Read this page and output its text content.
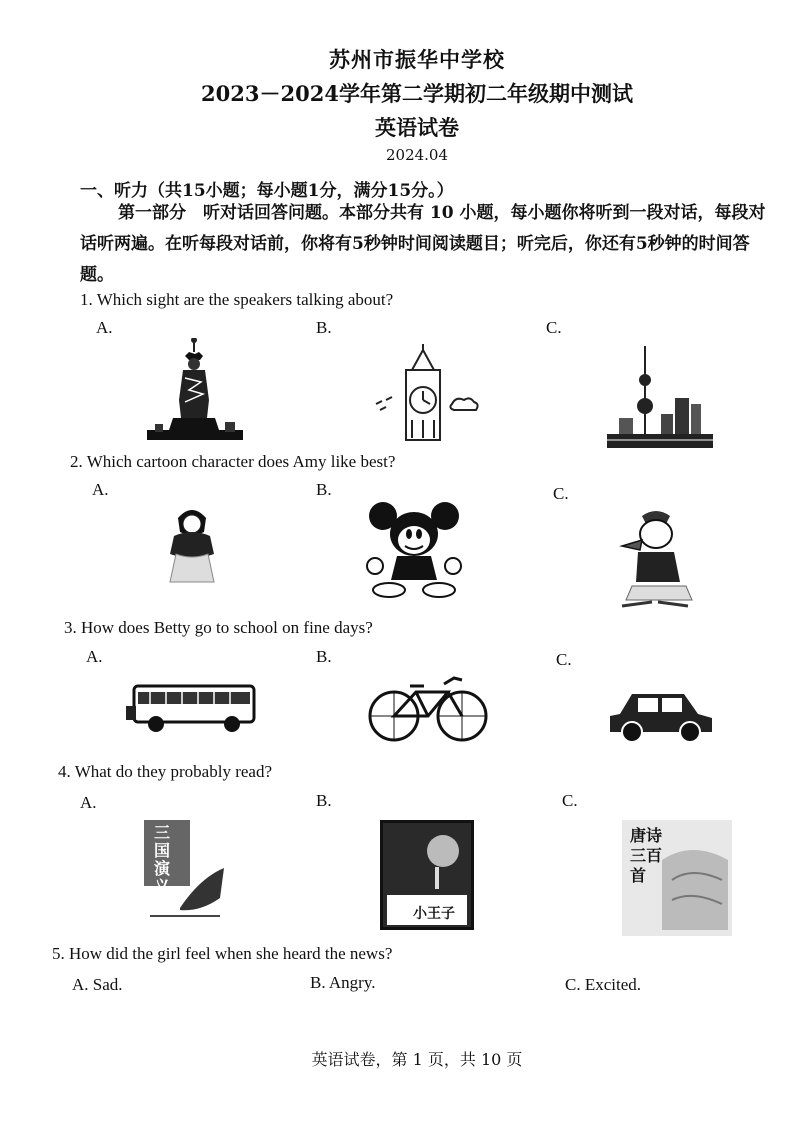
苏州市振华中学校
2023－2024学年第二学期初二年级期中测试
英语试卷
2024.04
一、听力（共15小题；每小题1分，满分15分。）
第一部分　听对话回答问题。本部分共有 10 小题，每小题你将听到一段对话，每段对话听两遍。在听每段对话前，你将有5秒钟时间阅读题目；听完后，你还有5秒钟的时间答题。
1. Which sight are the speakers talking about?
A.	B.	C.
2. Which cartoon character does Amy like best?
A.	B.	C.
3. How does Betty go to school on fine days?
A.	B.	C.
4. What do they probably read?
A.	B.	C.
三国演义
小王子
唐诗三百首
5. How did the girl feel when she heard the news?
A. Sad.	B. Angry.	C. Excited.
英语试卷，第 1 页，共 10 页
